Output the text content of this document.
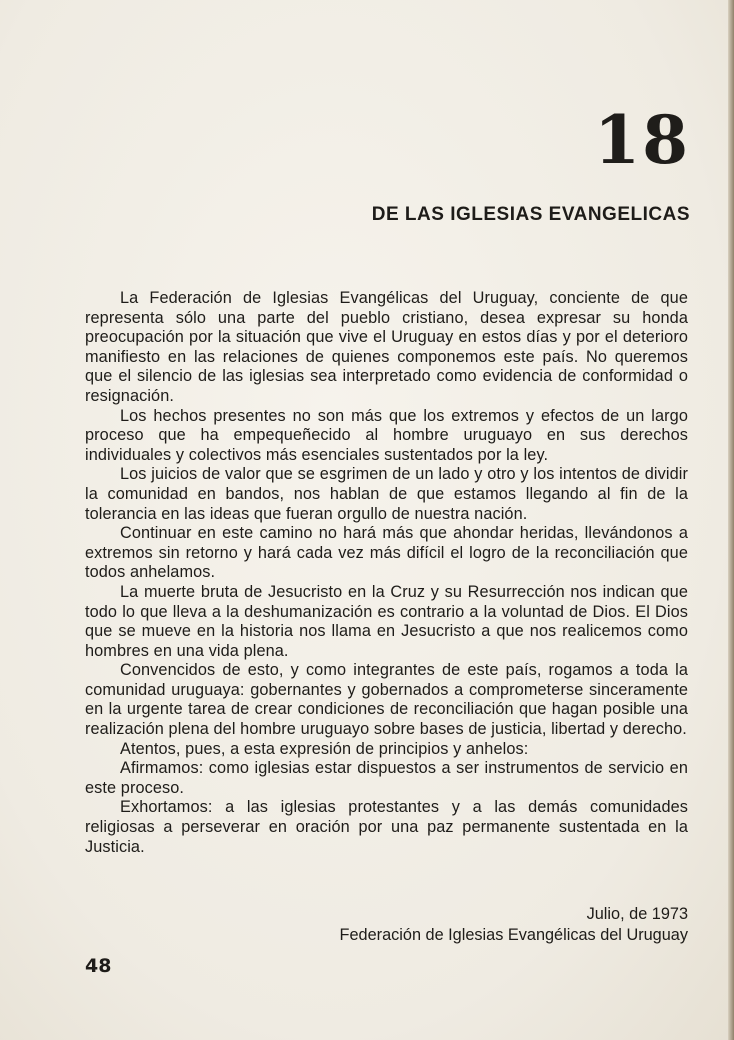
18
DE LAS IGLESIAS EVANGELICAS

La Federación de Iglesias Evangélicas del Uruguay, conciente de que representa sólo una parte del pueblo cristiano, desea expresar su honda preocupación por la situación que vive el Uruguay en estos días y por el deterioro manifiesto en las relaciones de quienes componemos este país. No queremos que el silencio de las iglesias sea interpretado como evidencia de conformidad o resignación.

Los hechos presentes no son más que los extremos y efectos de un largo proceso que ha empequeñecido al hombre uruguayo en sus derechos individuales y colectivos más esenciales sustentados por la ley.

Los juicios de valor que se esgrimen de un lado y otro y los intentos de dividir la comunidad en bandos, nos hablan de que estamos llegando al fin de la tolerancia en las ideas que fueran orgullo de nuestra nación.

Continuar en este camino no hará más que ahondar heridas, llevándonos a extremos sin retorno y hará cada vez más difícil el logro de la reconciliación que todos anhelamos.

La muerte bruta de Jesucristo en la Cruz y su Resurrección nos indican que todo lo que lleva a la deshumanización es contrario a la voluntad de Dios. El Dios que se mueve en la historia nos llama en Jesucristo a que nos realicemos como hombres en una vida plena.

Convencidos de esto, y como integrantes de este país, rogamos a toda la comunidad uruguaya: gobernantes y gobernados a comprometerse sinceramente en la urgente tarea de crear condiciones de reconciliación que hagan posible una realización plena del hombre uruguayo sobre bases de justicia, libertad y derecho.

Atentos, pues, a esta expresión de principios y anhelos:

Afirmamos: como iglesias estar dispuestos a ser instrumentos de servicio en este proceso.

Exhortamos: a las iglesias protestantes y a las demás comunidades religiosas a perseverar en oración por una paz permanente sustentada en la Justicia.

Julio, de 1973
Federación de Iglesias Evangélicas del Uruguay
48
